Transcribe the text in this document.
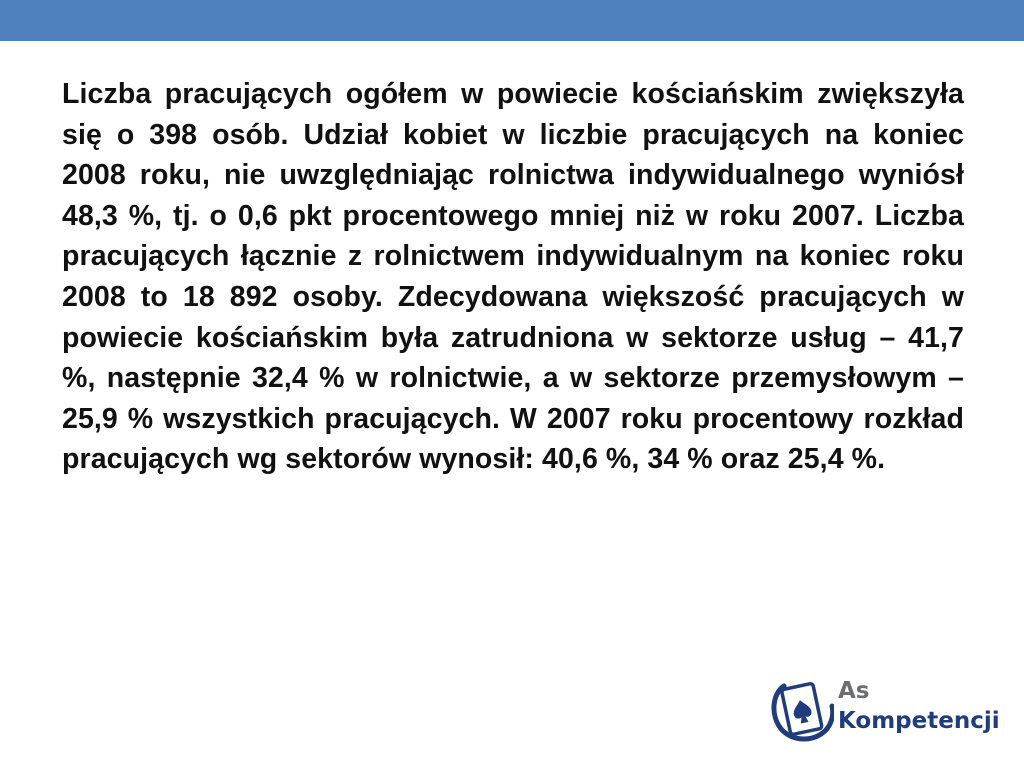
Liczba pracujących ogółem w powiecie kościańskim zwiększyła się o 398 osób. Udział kobiet w liczbie pracujących na koniec 2008 roku, nie uwzględniając rolnictwa indywidualnego wyniósł 48,3 %, tj. o 0,6 pkt procentowego mniej niż w roku 2007. Liczba pracujących łącznie z rolnictwem indywidualnym na koniec roku 2008 to 18 892 osoby. Zdecydowana większość pracujących w powiecie kościańskim była zatrudniona w sektorze usług – 41,7 %, następnie 32,4 % w rolnictwie, a w sektorze przemysłowym – 25,9 % wszystkich pracujących. W 2007 roku procentowy rozkład pracujących wg sektorów wynosił: 40,6 %, 34 % oraz 25,4 %.

As
Kompetencji
